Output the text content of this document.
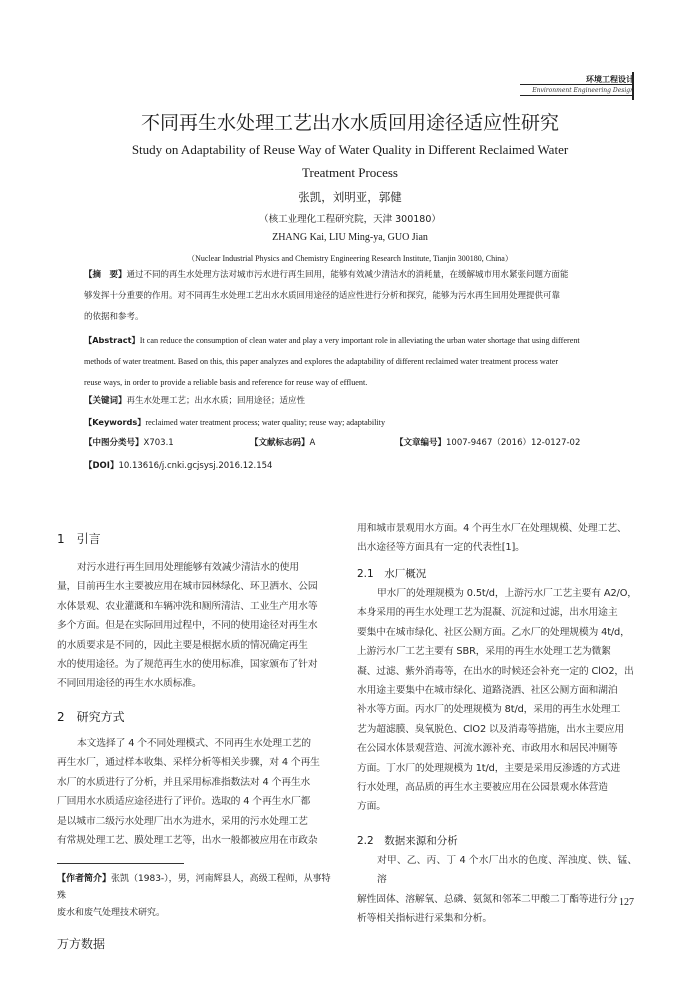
环境工程设计
Environment Engineering Design
不同再生水处理工艺出水水质回用途径适应性研究
Study on Adaptability of Reuse Way of Water Quality in Different Reclaimed Water
Treatment Process
张凯，刘明亚，郭健
（核工业理化工程研究院，天津 300180）
ZHANG Kai, LIU Ming-ya, GUO Jian
（Nuclear Industrial Physics and Chemistry Engineering Research Institute, Tianjin 300180, China）
【摘　要】通过不同的再生水处理方法对城市污水进行再生回用，能够有效减少清洁水的消耗量，在缓解城市用水紧张问题方面能
够发挥十分重要的作用。对不同再生水处理工艺出水水质回用途径的适应性进行分析和探究，能够为污水再生回用处理提供可靠
的依据和参考。
【Abstract】It can reduce the consumption of clean water and play a very important role in alleviating the urban water shortage that using different
methods of water treatment. Based on this, this paper analyzes and explores the adaptability of different reclaimed water treatment process water
reuse ways, in order to provide a reliable basis and reference for reuse way of effluent.
【关键词】再生水处理工艺；出水水质；回用途径；适应性
【Keywords】reclaimed water treatment process; water quality; reuse way; adaptability
【中图分类号】X703.1	【文献标志码】A	【文章编号】1007-9467（2016）12-0127-02
【DOI】10.13616/j.cnki.gcjsysj.2016.12.154
1　引言
对污水进行再生回用处理能够有效减少清洁水的使用
量，目前再生水主要被应用在城市园林绿化、环卫洒水、公园
水体景观、农业灌溉和车辆冲洗和厕所清洁、工业生产用水等
多个方面。但是在实际回用过程中，不同的使用途径对再生水
的水质要求是不同的，因此主要是根据水质的情况确定再生
水的使用途径。为了规范再生水的使用标准，国家颁布了针对
不同回用途径的再生水水质标准。
2　研究方式
本文选择了 4 个不同处理模式、不同再生水处理工艺的
再生水厂，通过样本收集、采样分析等相关步骤，对 4 个再生
水厂的水质进行了分析，并且采用标准指数法对 4 个再生水
厂回用水水质适应途径进行了评价。选取的 4 个再生水厂都
是以城市二级污水处理厂出水为进水，采用的污水处理工艺
有常规处理工艺、膜处理工艺等，出水一般都被应用在市政杂
用和城市景观用水方面。4 个再生水厂在处理规模、处理工艺、
出水途径等方面具有一定的代表性[1]。
2.1　水厂概况
甲水厂的处理规模为 0.5t/d，上游污水厂工艺主要有 A2/O，
本身采用的再生水处理工艺为混凝、沉淀和过滤，出水用途主
要集中在城市绿化、社区公厕方面。乙水厂的处理规模为 4t/d，
上游污水厂工艺主要有 SBR，采用的再生水处理工艺为微絮
凝、过滤、紫外消毒等，在出水的时候还会补充一定的 ClO2，出
水用途主要集中在城市绿化、道路浇洒、社区公厕方面和湖泊
补水等方面。丙水厂的处理规模为 8t/d，采用的再生水处理工
艺为超滤膜、臭氧脱色、ClO2 以及消毒等措施，出水主要应用
在公园水体景观营造、河流水源补充、市政用水和居民冲厕等
方面。丁水厂的处理规模为 1t/d，主要是采用反渗透的方式进
行水处理，高品质的再生水主要被应用在公园景观水体营造
方面。
2.2　数据来源和分析
对甲、乙、丙、丁 4 个水厂出水的色度、浑浊度、铁、锰、溶
解性固体、溶解氧、总磷、氨氮和邻苯二甲酸二丁酯等进行分
析等相关指标进行采集和分析。
【作者简介】张凯（1983-），男，河南辉县人，高级工程师，从事特殊
废水和废气处理技术研究。
127
万方数据
